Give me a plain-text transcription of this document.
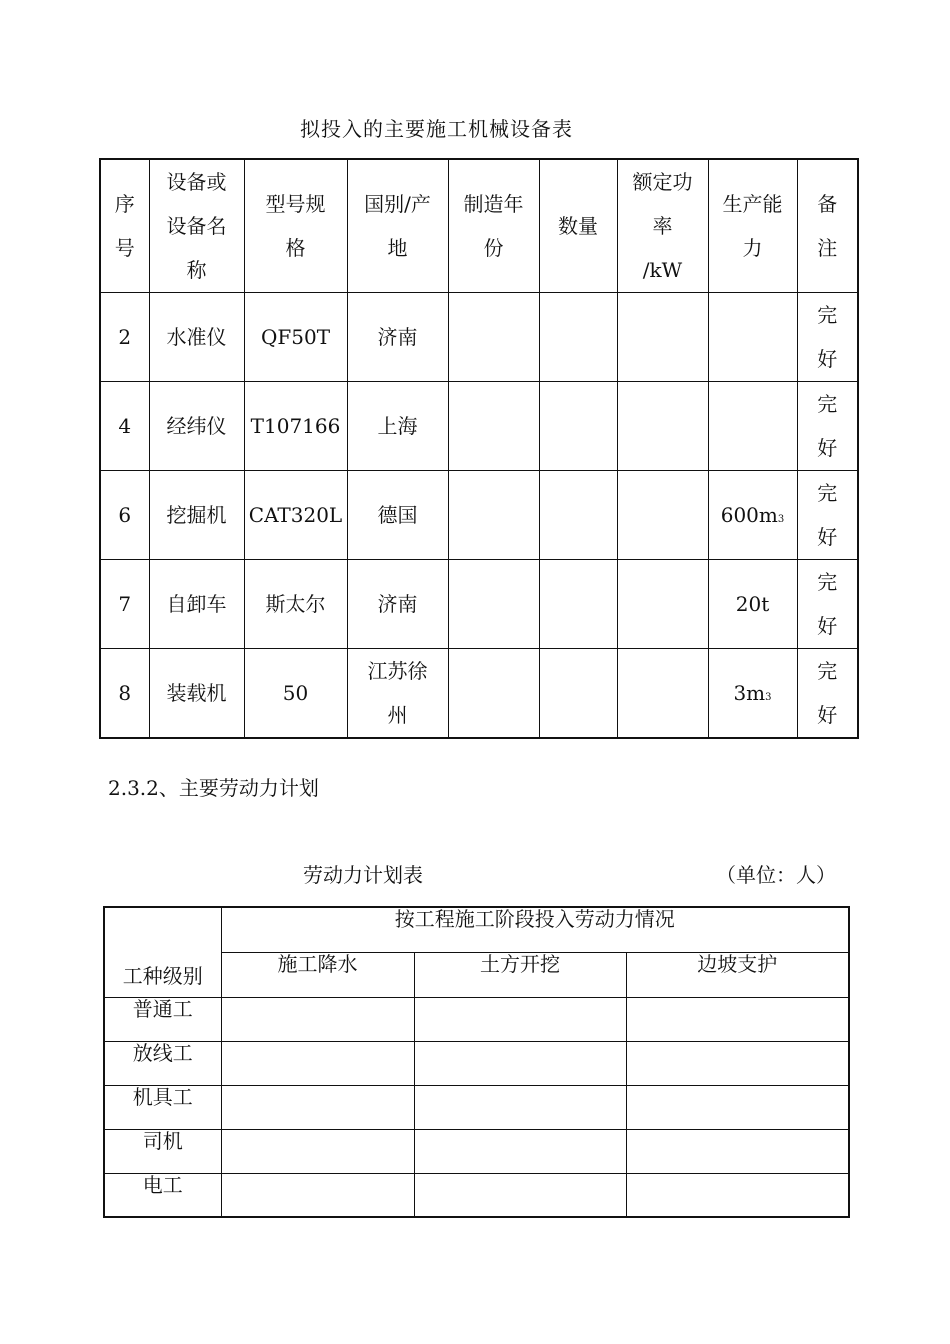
拟投入的主要施工机械设备表
序
号	设备或
设备名
称	型号规
格	国别/产
地	制造年
份	数量	额定功
率
/kW	生产能
力	备
注
2	水准仪	QF50T	济南					完
好
4	经纬仪	T107166	上海					完
好
6	挖掘机	CAT320L	德国				600m3	完
好
7	自卸车	斯太尔	济南				20t	完
好
8	装载机	50	江苏徐
州				3m3	完
好
2.3.2、主要劳动力计划
劳动力计划表	（单位：人）
工种级别	按工程施工阶段投入劳动力情况		
	施工降水	土方开挖	边坡支护
普通工			
放线工			
机具工			
司机			
电工			
